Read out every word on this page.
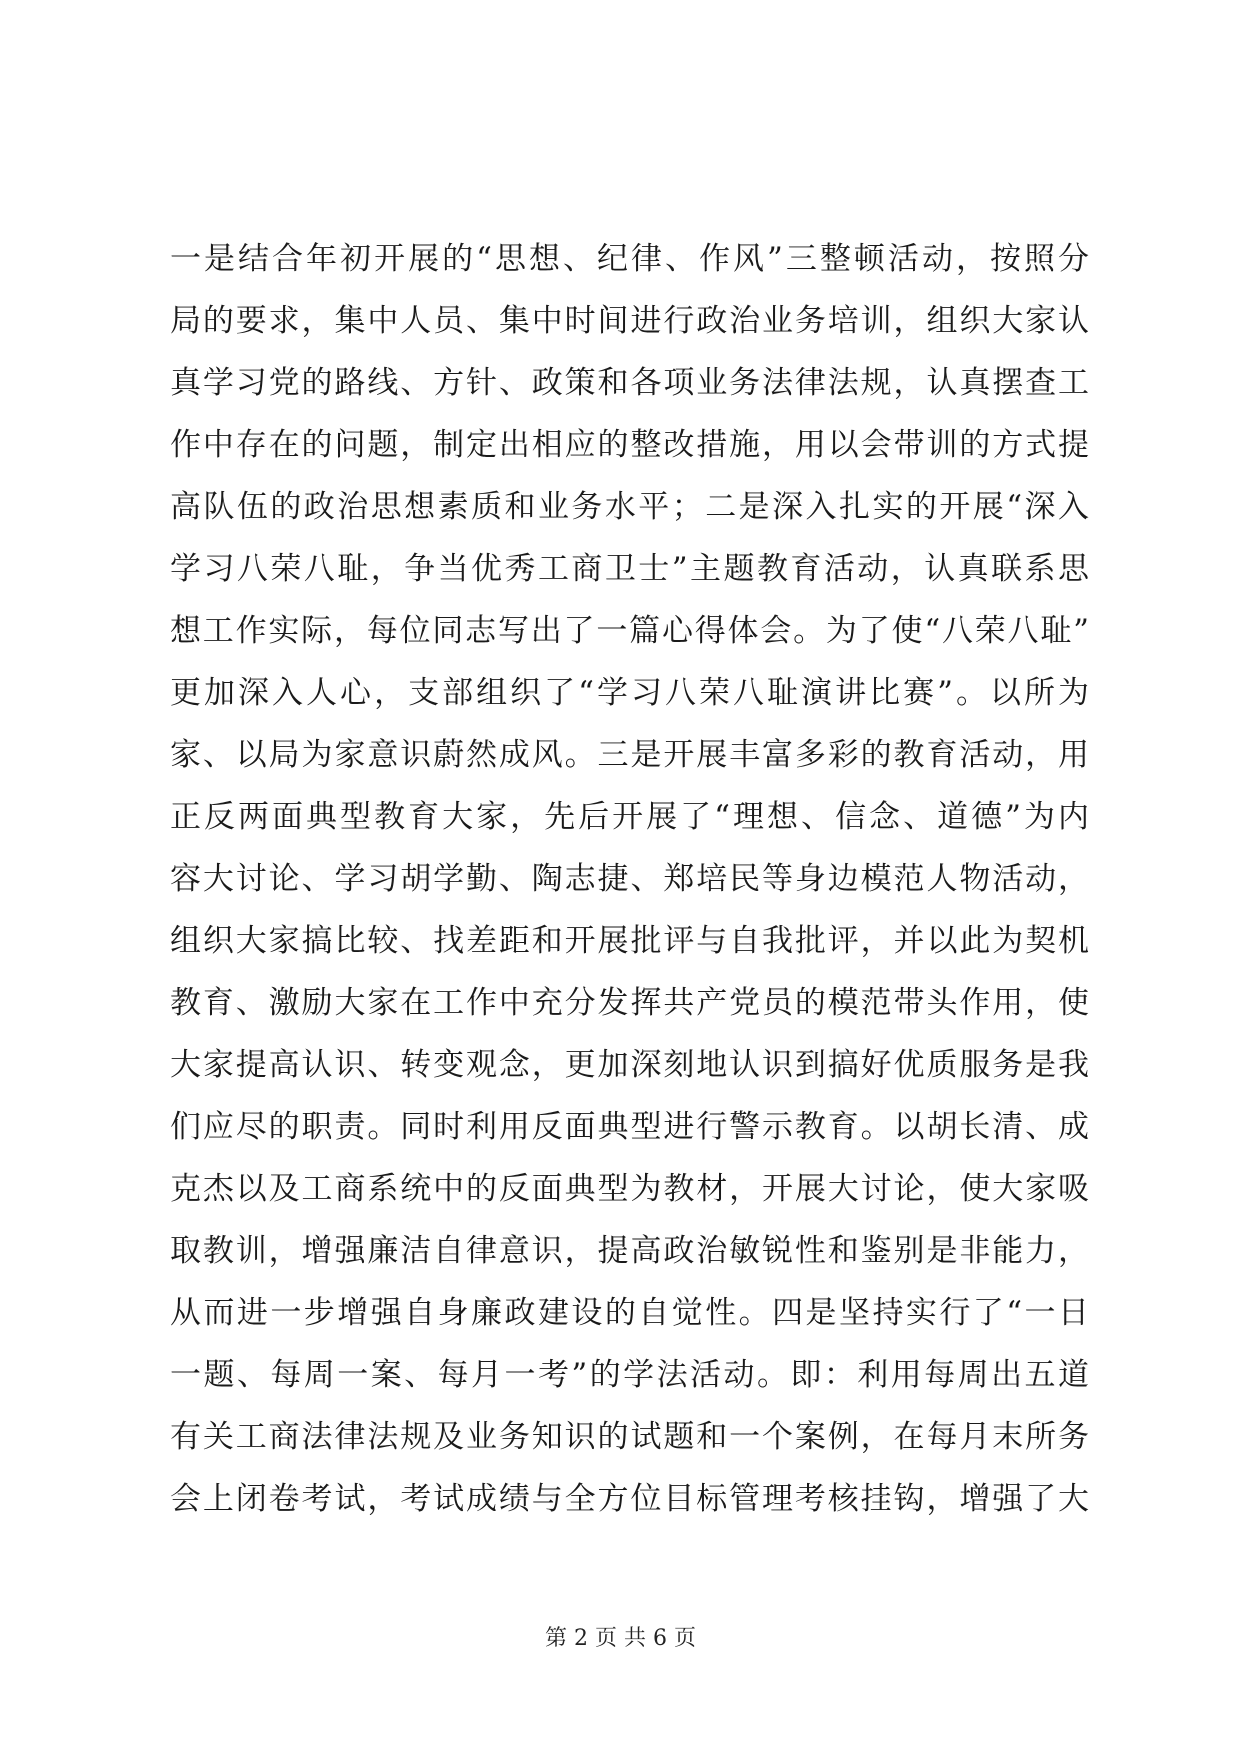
一是结合年初开展的“思想、纪律、作风”三整顿活动，按照分
局的要求，集中人员、集中时间进行政治业务培训，组织大家认
真学习党的路线、方针、政策和各项业务法律法规，认真摆查工
作中存在的问题，制定出相应的整改措施，用以会带训的方式提
高队伍的政治思想素质和业务水平；二是深入扎实的开展“深入
学习八荣八耻，争当优秀工商卫士”主题教育活动，认真联系思
想工作实际，每位同志写出了一篇心得体会。为了使“八荣八耻”
更加深入人心，支部组织了“学习八荣八耻演讲比赛”。以所为
家、以局为家意识蔚然成风。三是开展丰富多彩的教育活动，用
正反两面典型教育大家，先后开展了“理想、信念、道德”为内
容大讨论、学习胡学勤、陶志捷、郑培民等身边模范人物活动，
组织大家搞比较、找差距和开展批评与自我批评，并以此为契机
教育、激励大家在工作中充分发挥共产党员的模范带头作用，使
大家提高认识、转变观念，更加深刻地认识到搞好优质服务是我
们应尽的职责。同时利用反面典型进行警示教育。以胡长清、成
克杰以及工商系统中的反面典型为教材，开展大讨论，使大家吸
取教训，增强廉洁自律意识，提高政治敏锐性和鉴别是非能力，
从而进一步增强自身廉政建设的自觉性。四是坚持实行了“一日
一题、每周一案、每月一考”的学法活动。即：利用每周出五道
有关工商法律法规及业务知识的试题和一个案例，在每月末所务
会上闭卷考试，考试成绩与全方位目标管理考核挂钩，增强了大
第 2 页 共 6 页
